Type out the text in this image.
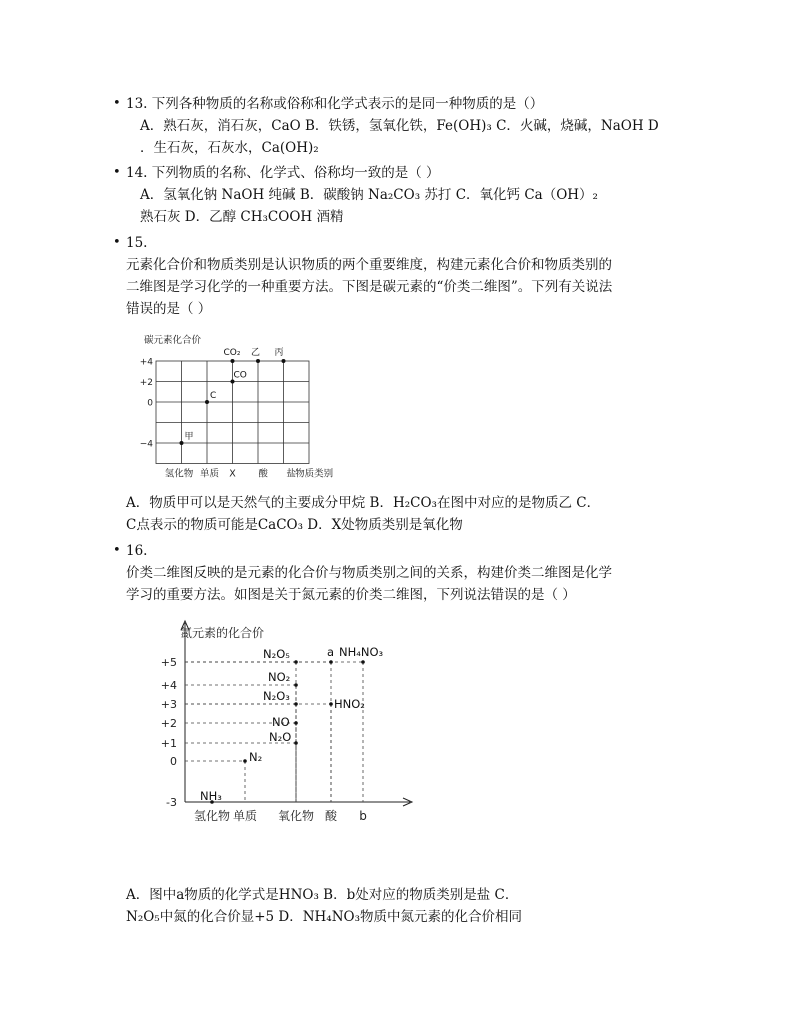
• 13. 下列各种物质的名称或俗称和化学式表示的是同一种物质的是（）
A．熟石灰，消石灰，CaO B．铁锈，氢氧化铁，Fe(OH)₃ C．火碱，烧碱，NaOH D
．生石灰，石灰水，Ca(OH)₂
• 14. 下列物质的名称、化学式、俗称均一致的是（ ）
A．氢氧化钠 NaOH 纯碱 B．碳酸钠 Na₂CO₃ 苏打 C．氧化钙 Ca（OH）₂
熟石灰 D．乙醇 CH₃COOH 酒精
• 15.
元素化合价和物质类别是认识物质的两个重要维度，构建元素化合价和物质类别的
二维图是学习化学的一种重要方法。下图是碳元素的“价类二维图”。下列有关说法
错误的是（ ）
碳元素化合价
+4
+2
0
−4
氢化物 单质 X 酸 盐 物质类别
甲
C
CO
CO₂ 乙 丙
A．物质甲可以是天然气的主要成分甲烷 B．H₂CO₃在图中对应的是物质乙 C．
C点表示的物质可能是CaCO₃ D．X处物质类别是氧化物
• 16.
价类二维图反映的是元素的化合价与物质类别之间的关系，构建价类二维图是化学
学习的重要方法。如图是关于氮元素的价类二维图，下列说法错误的是（ ）
氮元素的化合价
+5
+4
+3
+2
+1
0
-3
氢化物 单质 氧化物 酸 b
NH₃
N₂
N₂O
NO
N₂O₃
NO₂
N₂O₅
HNO₂
a NH₄NO₃
A．图中a物质的化学式是HNO₃ B．b处对应的物质类别是盐 C．
N₂O₅中氮的化合价显+5 D．NH₄NO₃物质中氮元素的化合价相同
